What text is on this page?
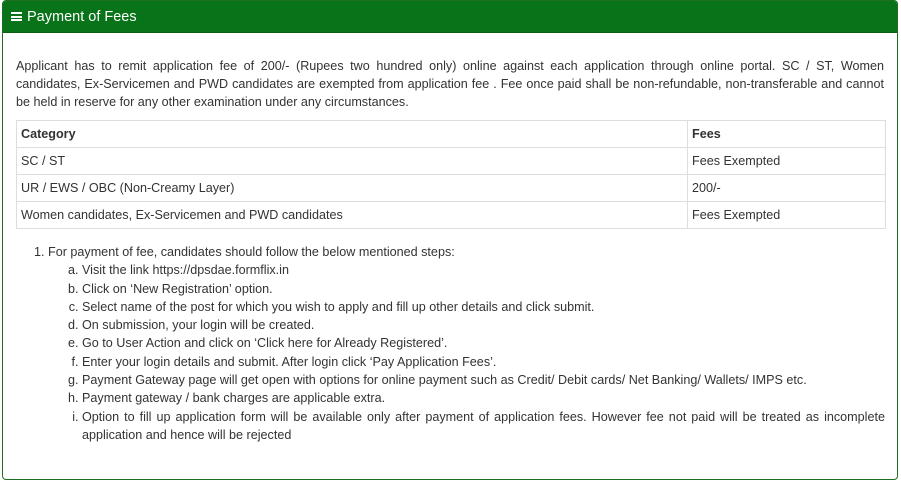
Payment of Fees

Applicant has to remit application fee of 200/- (Rupees two hundred only) online against each application through online portal. SC / ST, Women candidates, Ex-Servicemen and PWD candidates are exempted from application fee . Fee once paid shall be non-refundable, non-transferable and cannot be held in reserve for any other examination under any circumstances.

Category	Fees
SC / ST	Fees Exempted
UR / EWS / OBC (Non-Creamy Layer)	200/-
Women candidates, Ex-Servicemen and PWD candidates	Fees Exempted
1. For payment of fee, candidates should follow the below mentioned steps:
a. Visit the link https://dpsdae.formflix.in
b. Click on ‘New Registration’ option.
c. Select name of the post for which you wish to apply and fill up other details and click submit.
d. On submission, your login will be created.
e. Go to User Action and click on ‘Click here for Already Registered’.
f. Enter your login details and submit. After login click ‘Pay Application Fees’.
g. Payment Gateway page will get open with options for online payment such as Credit/ Debit cards/ Net Banking/ Wallets/ IMPS etc.
h. Payment gateway / bank charges are applicable extra.
i. Option to fill up application form will be available only after payment of application fees. However fee not paid will be treated as incomplete application and hence will be rejected
